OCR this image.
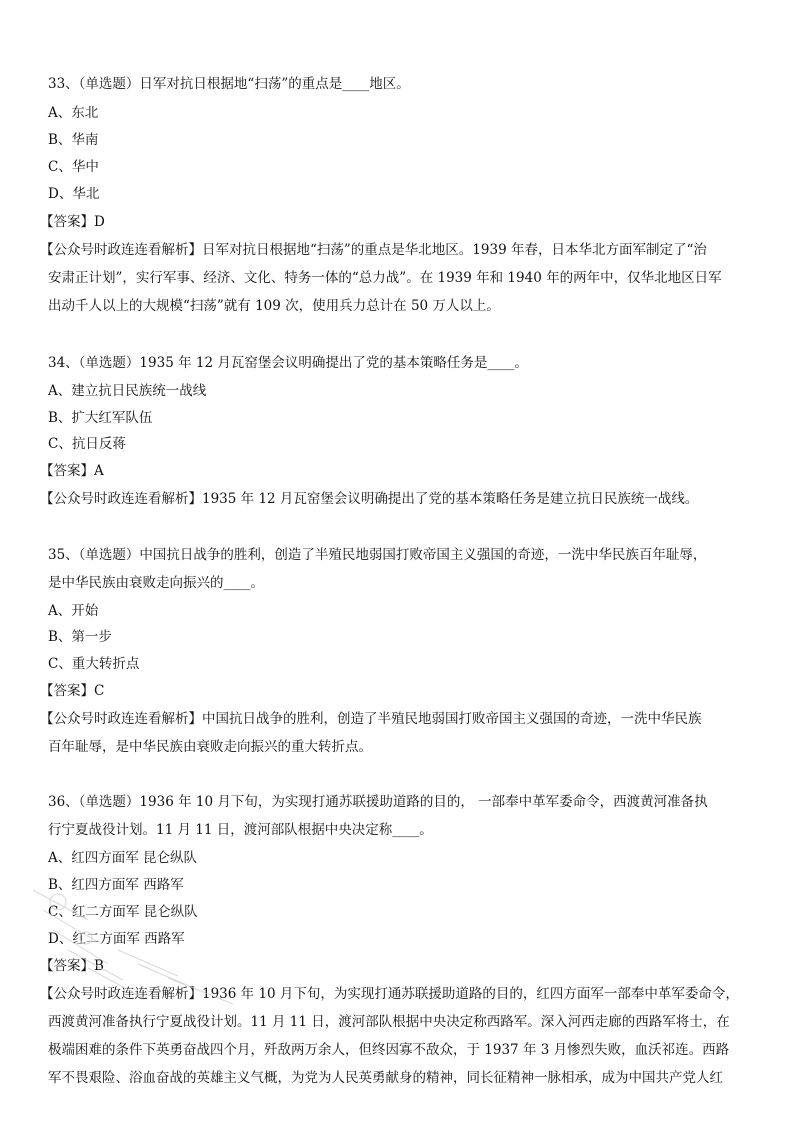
33、（单选题）日军对抗日根据地“扫荡”的重点是____地区。
A、东北
B、华南
C、华中
D、华北
【答案】D
【公众号时政连连看解析】日军对抗日根据地“扫荡”的重点是华北地区。1939 年春，日本华北方面军制定了“治
安肃正计划”，实行军事、经济、文化、特务一体的“总力战”。在 1939 年和 1940 年的两年中，仅华北地区日军
出动千人以上的大规模“扫荡”就有 109 次，使用兵力总计在 50 万人以上。
34、（单选题）1935 年 12 月瓦窑堡会议明确提出了党的基本策略任务是____。
A、建立抗日民族统一战线
B、扩大红军队伍
C、抗日反蒋
【答案】A
【公众号时政连连看解析】1935 年 12 月瓦窑堡会议明确提出了党的基本策略任务是建立抗日民族统一战线。
35、（单选题）中国抗日战争的胜利，创造了半殖民地弱国打败帝国主义强国的奇迹，一洗中华民族百年耻辱，
是中华民族由衰败走向振兴的____。
A、开始
B、第一步
C、重大转折点
【答案】C
【公众号时政连连看解析】中国抗日战争的胜利，创造了半殖民地弱国打败帝国主义强国的奇迹，一洗中华民族
百年耻辱，是中华民族由衰败走向振兴的重大转折点。
36、（单选题）1936 年 10 月下旬，为实现打通苏联援助道路的目的， 一部奉中革军委命令，西渡黄河准备执
行宁夏战役计划。11 月 11 日，渡河部队根据中央决定称____。
A、红四方面军 昆仑纵队
B、红四方面军 西路军
C、红二方面军 昆仑纵队
D、红二方面军 西路军
【答案】B
【公众号时政连连看解析】1936 年 10 月下旬，为实现打通苏联援助道路的目的，红四方面军一部奉中革军委命令，
西渡黄河准备执行宁夏战役计划。11 月 11 日，渡河部队根据中央决定称西路军。深入河西走廊的西路军将士，在
极端困难的条件下英勇奋战四个月，歼敌两万余人，但终因寡不敌众，于 1937 年 3 月惨烈失败，血沃祁连。西路
军不畏艰险、浴血奋战的英雄主义气概，为党为人民英勇献身的精神，同长征精神一脉相承，成为中国共产党人红
